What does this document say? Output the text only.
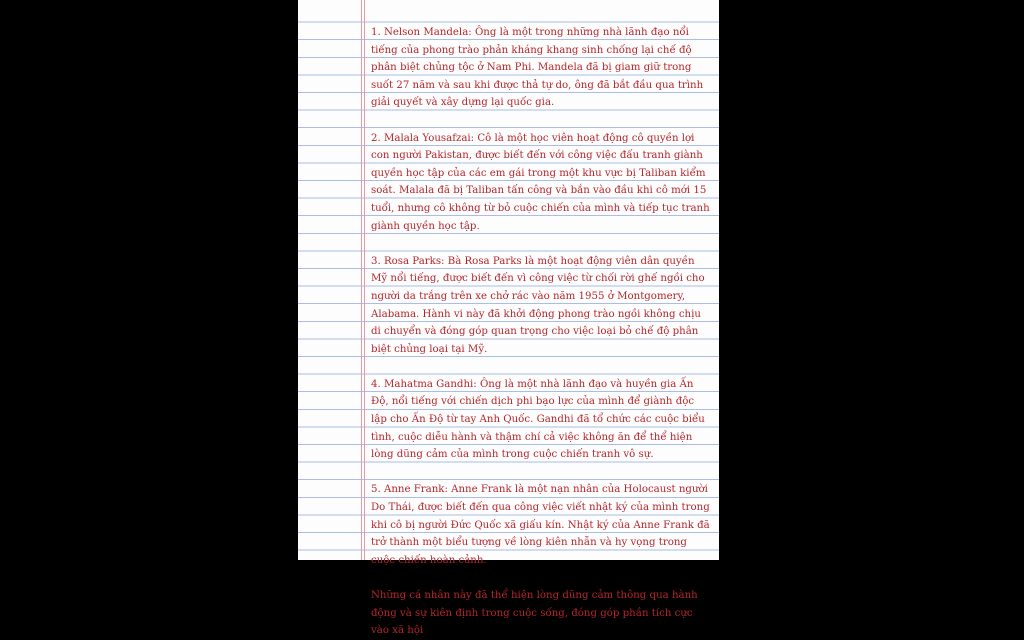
1. Nelson Mandela: Ông là một trong những nhà lãnh đạo nổi tiếng của phong trào phản kháng khang sinh chống lại chế độ phân biệt chủng tộc ở Nam Phi. Mandela đã bị giam giữ trong suốt 27 năm và sau khi được thả tự do, ông đã bắt đầu qua trình giải quyết và xây dựng lại quốc gia.

2. Malala Yousafzai: Cô là một học viên hoạt động cô quyền lợi con người Pakistan, được biết đến với công việc đấu tranh giành quyền học tập của các em gái trong một khu vực bị Taliban kiểm soát. Malala đã bị Taliban tấn công và bắn vào đầu khi cô mới 15 tuổi, nhưng cô không từ bỏ cuộc chiến của mình và tiếp tục tranh giành quyền học tập.

3. Rosa Parks: Bà Rosa Parks là một hoạt động viên dân quyền Mỹ nổi tiếng, được biết đến vì công việc từ chối rời ghế ngồi cho người da trắng trên xe chở rác vào năm 1955 ở Montgomery, Alabama. Hành vi này đã khởi động phong trào ngồi không chịu di chuyển và đóng góp quan trọng cho việc loại bỏ chế độ phân biệt chủng loại tại Mỹ.

4. Mahatma Gandhi: Ông là một nhà lãnh đạo và huyền gia Ấn Độ, nổi tiếng với chiến dịch phi bạo lực của mình để giành độc lập cho Ấn Độ từ tay Anh Quốc. Gandhi đã tổ chức các cuộc biểu tình, cuộc diễu hành và thậm chí cả việc không ăn để thể hiện lòng dũng cảm của mình trong cuộc chiến tranh vô sự.

5. Anne Frank: Anne Frank là một nạn nhân của Holocaust người Do Thái, được biết đến qua công việc viết nhật ký của mình trong khi cô bị người Đức Quốc xã giấu kín. Nhật ký của Anne Frank đã trở thành một biểu tượng về lòng kiên nhẫn và hy vọng trong cuộc chiến hoàn cảnh.

Những cá nhân này đã thể hiện lòng dũng cảm thông qua hành động và sự kiên định trong cuộc sống, đóng góp phần tích cực vào xã hội
